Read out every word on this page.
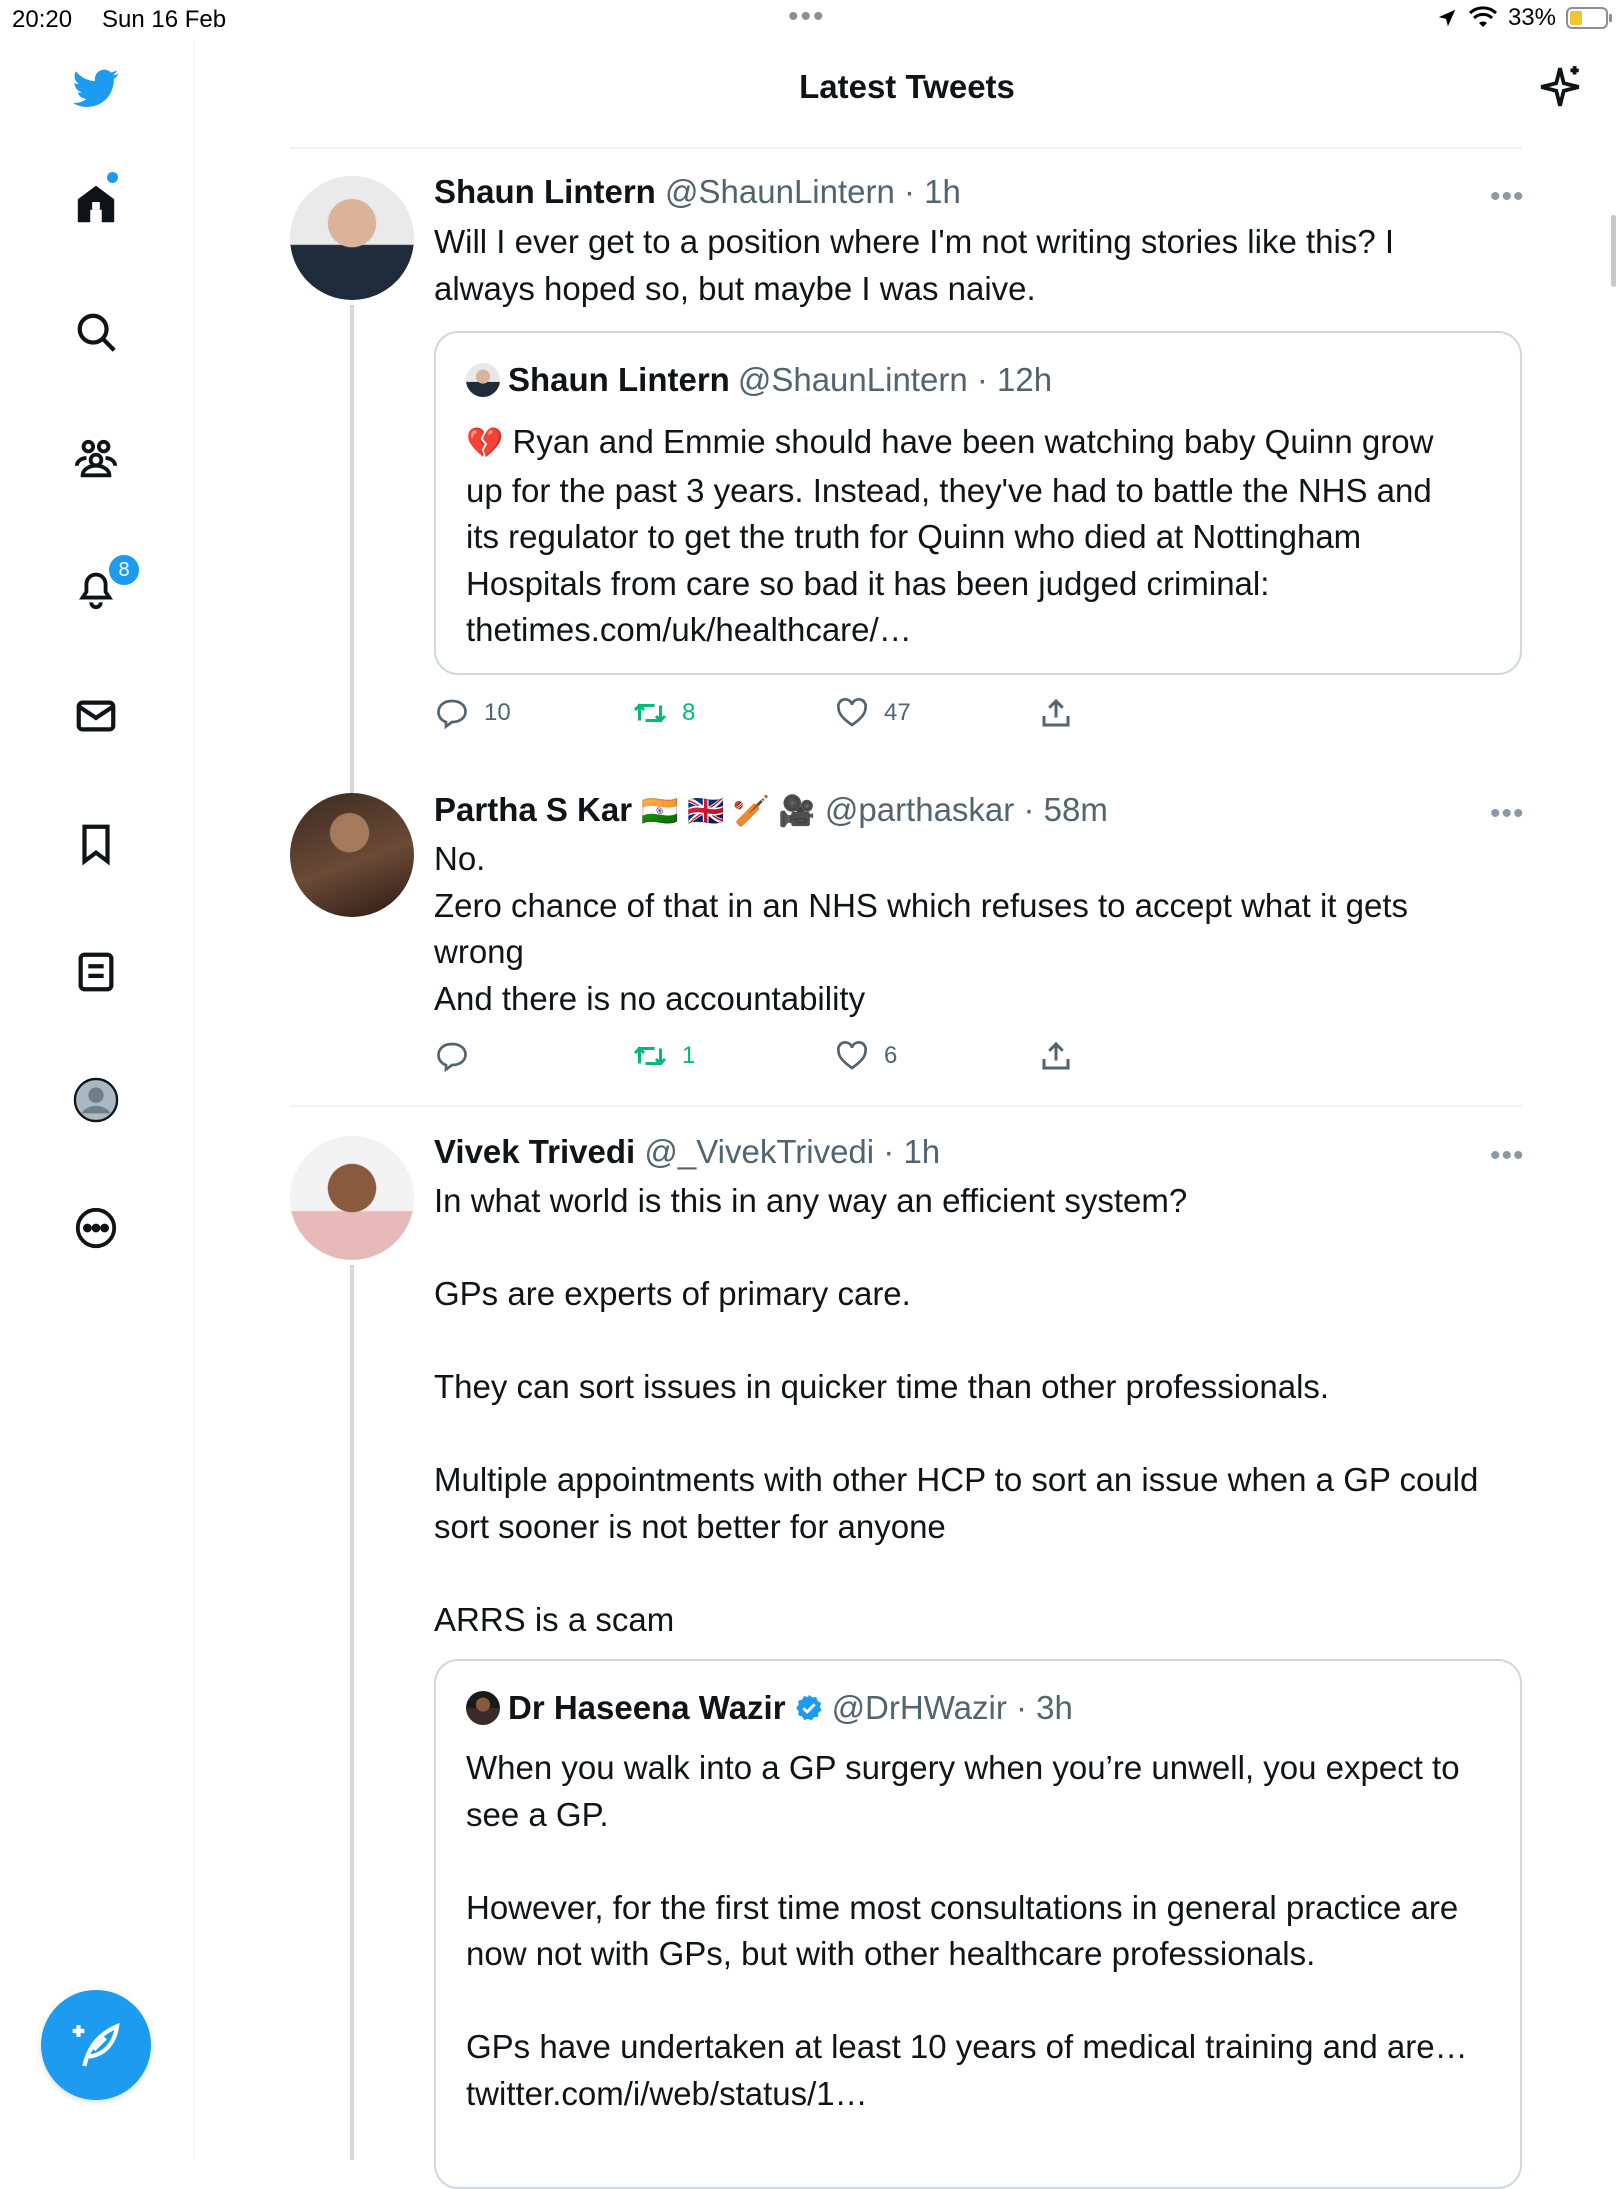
20:20 Sun 16 Feb	•••	33%
8
Latest Tweets
Shaun Lintern @ShaunLintern · 1h	•••
Will I ever get to a position where I'm not writing stories like this? I
always hoped so, but maybe I was naive.
Shaun Lintern @ShaunLintern · 12h
💔 Ryan and Emmie should have been watching baby Quinn grow
up for the past 3 years. Instead, they've had to battle the NHS and
its regulator to get the truth for Quinn who died at Nottingham
Hospitals from care so bad it has been judged criminal:
thetimes.com/uk/healthcare/…
10	8	47
Partha S Kar 🇮🇳 🇬🇧 🏏 🎥 @parthaskar · 58m	•••
No.
Zero chance of that in an NHS which refuses to accept what it gets
wrong
And there is no accountability
1	6
Vivek Trivedi @_VivekTrivedi · 1h	•••
In what world is this in any way an efficient system?
GPs are experts of primary care.
They can sort issues in quicker time than other professionals.
Multiple appointments with other HCP to sort an issue when a GP could sort sooner is not better for anyone
ARRS is a scam
Dr Haseena Wazir @DrHWazir · 3h
When you walk into a GP surgery when you’re unwell, you expect to see a GP.
However, for the first time most consultations in general practice are now not with GPs, but with other healthcare professionals.
GPs have undertaken at least 10 years of medical training and are…
twitter.com/i/web/status/1…
